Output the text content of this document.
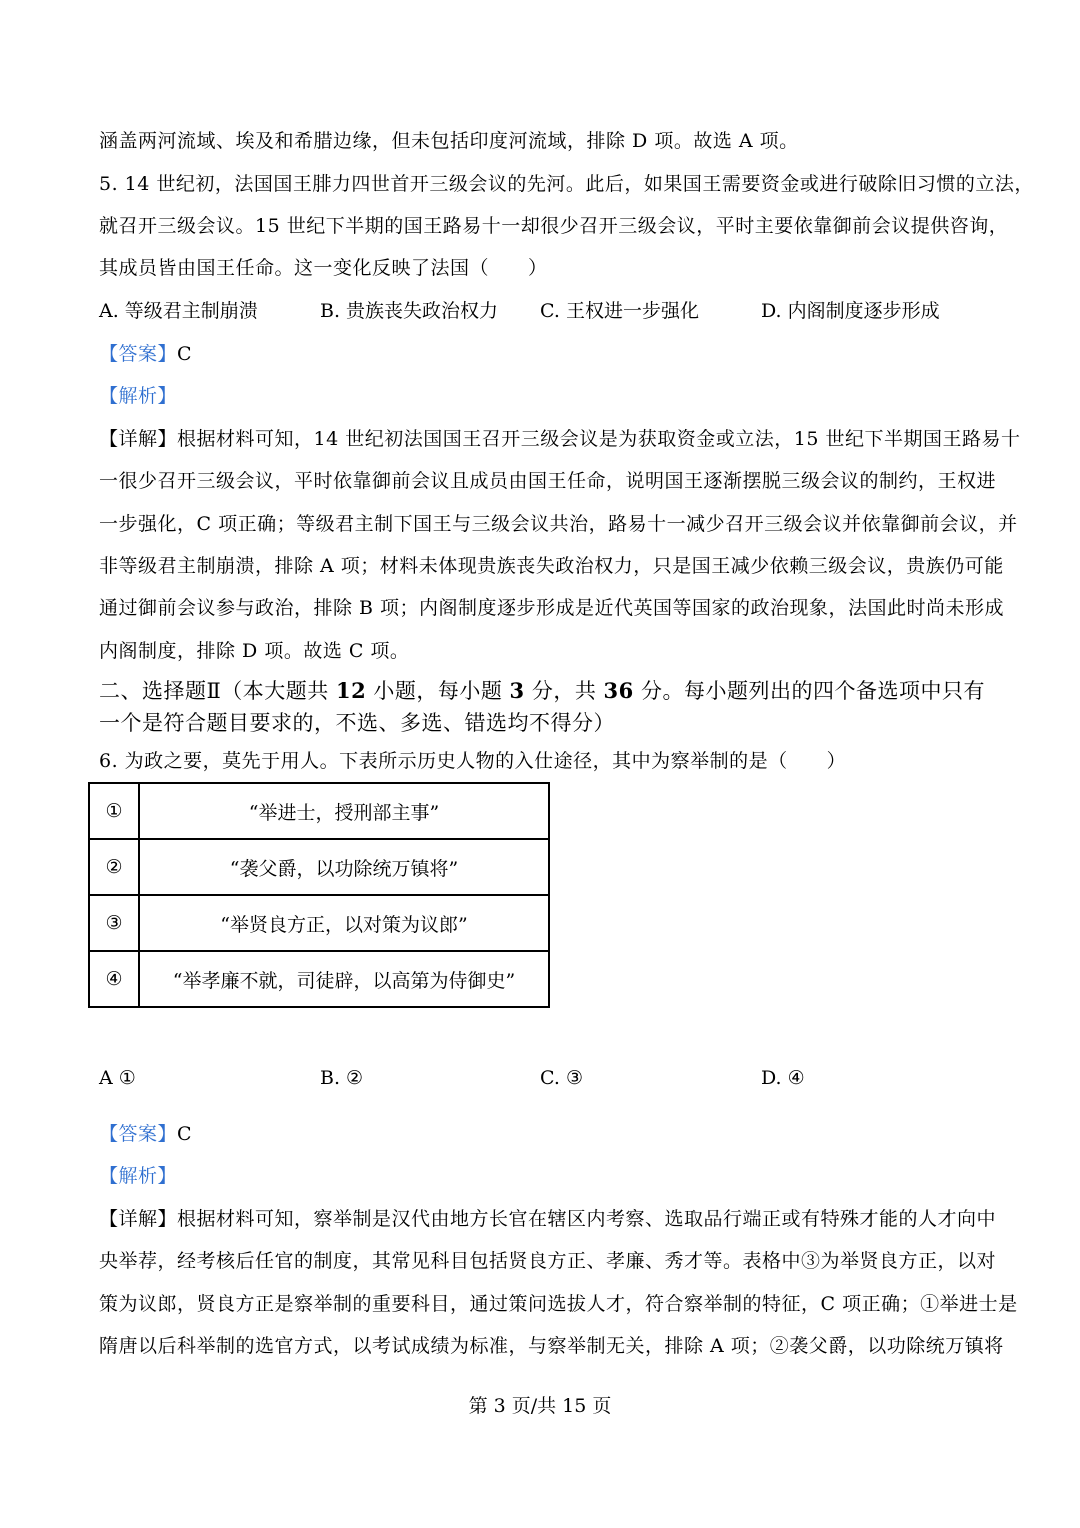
涵盖两河流域、埃及和希腊边缘，但未包括印度河流域，排除 D 项。故选 A 项。
5. 14 世纪初，法国国王腓力四世首开三级会议的先河。此后，如果国王需要资金或进行破除旧习惯的立法，
就召开三级会议。15 世纪下半期的国王路易十一却很少召开三级会议，平时主要依靠御前会议提供咨询，
其成员皆由国王任命。这一变化反映了法国（　　）
A. 等级君主制崩溃	B. 贵族丧失政治权力 C. 王权进一步强化	D. 内阁制度逐步形成
【答案】C
【解析】
【详解】根据材料可知，14 世纪初法国国王召开三级会议是为获取资金或立法，15 世纪下半期国王路易十
一很少召开三级会议，平时依靠御前会议且成员由国王任命，说明国王逐渐摆脱三级会议的制约，王权进
一步强化，C 项正确；等级君主制下国王与三级会议共治，路易十一减少召开三级会议并依靠御前会议，并
非等级君主制崩溃，排除 A 项；材料未体现贵族丧失政治权力，只是国王减少依赖三级会议，贵族仍可能
通过御前会议参与政治，排除 B 项；内阁制度逐步形成是近代英国等国家的政治现象，法国此时尚未形成
内阁制度，排除 D 项。故选 C 项。
二、选择题Ⅱ（本大题共 12 小题，每小题 3 分，共 36 分。每小题列出的四个备选项中只有
一个是符合题目要求的，不选、多选、错选均不得分）
6. 为政之要，莫先于用人。下表所示历史人物的入仕途径，其中为察举制的是（　　）
①	“举进士，授刑部主事”
②	“袭父爵，以功除统万镇将”
③	“举贤良方正，以对策为议郎”
④	“举孝廉不就，司徒辟，以高第为侍御史”
A ①	B. ②	C. ③	D. ④
【答案】C
【解析】
【详解】根据材料可知，察举制是汉代由地方长官在辖区内考察、选取品行端正或有特殊才能的人才向中
央举荐，经考核后任官的制度，其常见科目包括贤良方正、孝廉、秀才等。表格中③为举贤良方正，以对
策为议郎，贤良方正是察举制的重要科目，通过策问选拔人才，符合察举制的特征，C 项正确；①举进士是
隋唐以后科举制的选官方式，以考试成绩为标准，与察举制无关，排除 A 项；②袭父爵，以功除统万镇将
第 3 页/共 15 页
